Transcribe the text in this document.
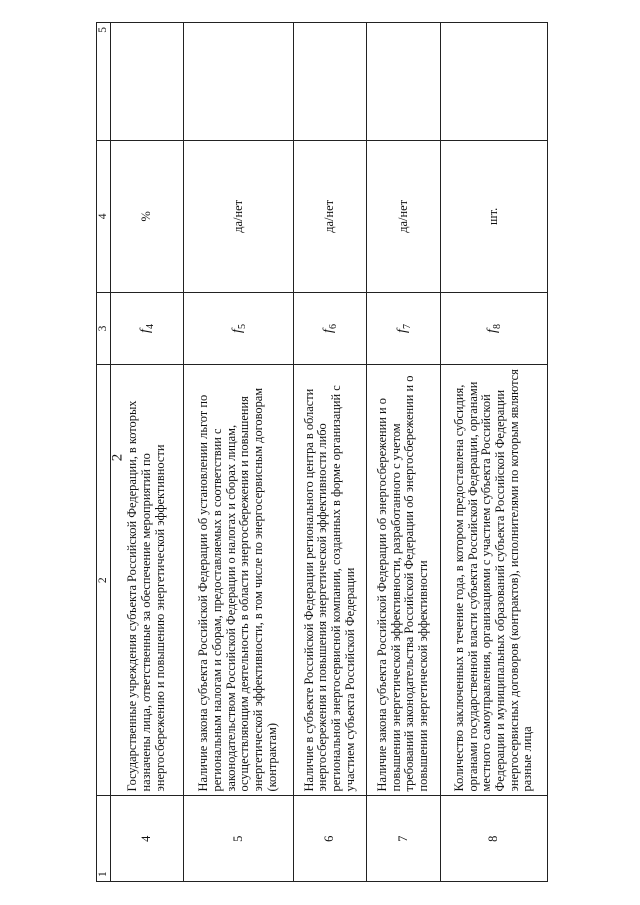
2
1	2	3	4	5
4	Государственные учреждения субъекта Российской Федерации, в которых назначены лица, ответственные за обеспечение мероприятий по энергосбережению и повышению энергетической эффективности	$f_4$	%	
5	Наличие закона субъекта Российской Федерации об установлении льгот по региональным налогам и сборам, предоставляемых в соответствии с законодательством Российской Федерации о налогах и сборах лицам, осуществляющим деятельность в области энергосбережения и повышения энергетической эффективности, в том числе по энергосервисным договорам (контрактам)	$f_5$	да/нет	
6	Наличие в субъекте Российской Федерации регионального центра в области энергосбережения и повышения энергетической эффективности либо региональной энергосервисной компании, созданных в форме организаций с участием субъекта Российской Федерации	$f_6$	да/нет	
7	Наличие закона субъекта Российской Федерации об энергосбережении и о повышении энергетической эффективности, разработанного с учетом требований законодательства Российской Федерации об энергосбережении и о повышении энергетической эффективности	$f_7$	да/нет	
8	Количество заключенных в течение года, в котором предоставлена субсидия, органами государственной власти субъекта Российской Федерации, органами местного самоуправления, организациями с участием субъекта Российской Федерации и муниципальных образований субъекта Российской Федерации энергосервисных договоров (контрактов), исполнителями по которым являются разные лица	$f_8$	шт.	
